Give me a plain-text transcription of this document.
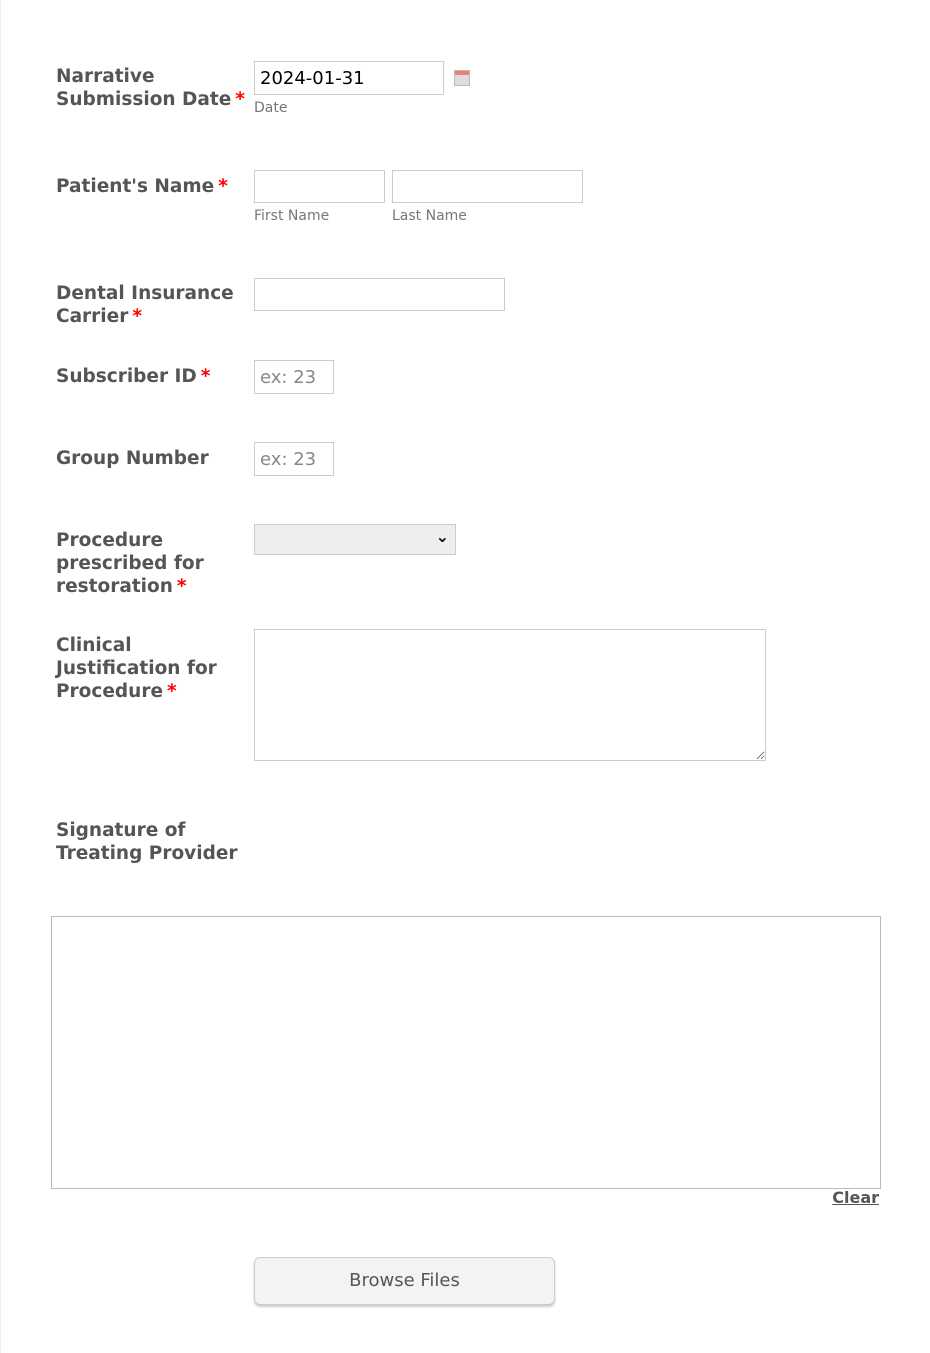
Narrative Submission Date *
2024-01-31 Date
Patient's Name *
First Name	Last Name
Dental Insurance Carrier *
Subscriber ID *
ex: 23
Group Number
ex: 23
Procedure prescribed for restoration *
⌄
Clinical Justification for Procedure *
Signature of Treating Provider
Clear
Browse Files
